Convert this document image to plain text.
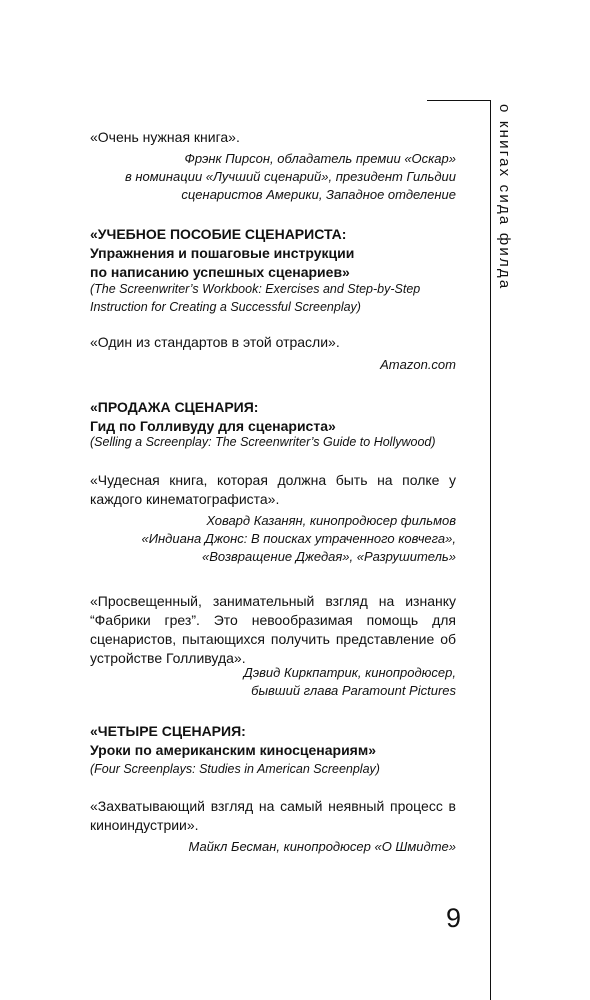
о книгах сида филда
«Очень нужная книга».
Фрэнк Пирсон, обладатель премии «Оскар»
в номинации «Лучший сценарий», президент Гильдии
сценаристов Америки, Западное отделение
«УЧЕБНОЕ ПОСОБИЕ СЦЕНАРИСТА:
Упражнения и пошаговые инструкции
по написанию успешных сценариев»
(The Screenwriter’s Workbook: Exercises and Step-by-Step
Instruction for Creating a Successful Screenplay)
«Один из стандартов в этой отрасли».
Amazon.com
«ПРОДАЖА СЦЕНАРИЯ:
Гид по Голливуду для сценариста»
(Selling a Screenplay: The Screenwriter’s Guide to Hollywood)
«Чудесная книга, которая должна быть на полке у каждого кинематографиста».
Ховард Казанян, кинопродюсер фильмов
«Индиана Джонс: В поисках утраченного ковчега»,
«Возвращение Джедая», «Разрушитель»
«Просвещенный, занимательный взгляд на изнанку “Фабрики грез”. Это невообразимая помощь для сценаристов, пытающихся получить представление об устройстве Голливуда».
Дэвид Киркпатрик, кинопродюсер,
бывший глава Paramount Pictures
«ЧЕТЫРЕ СЦЕНАРИЯ:
Уроки по американским киносценариям»
(Four Screenplays: Studies in American Screenplay)
«Захватывающий взгляд на самый неявный процесс в киноиндустрии».
Майкл Бесман, кинопродюсер «О Шмидте»
9
